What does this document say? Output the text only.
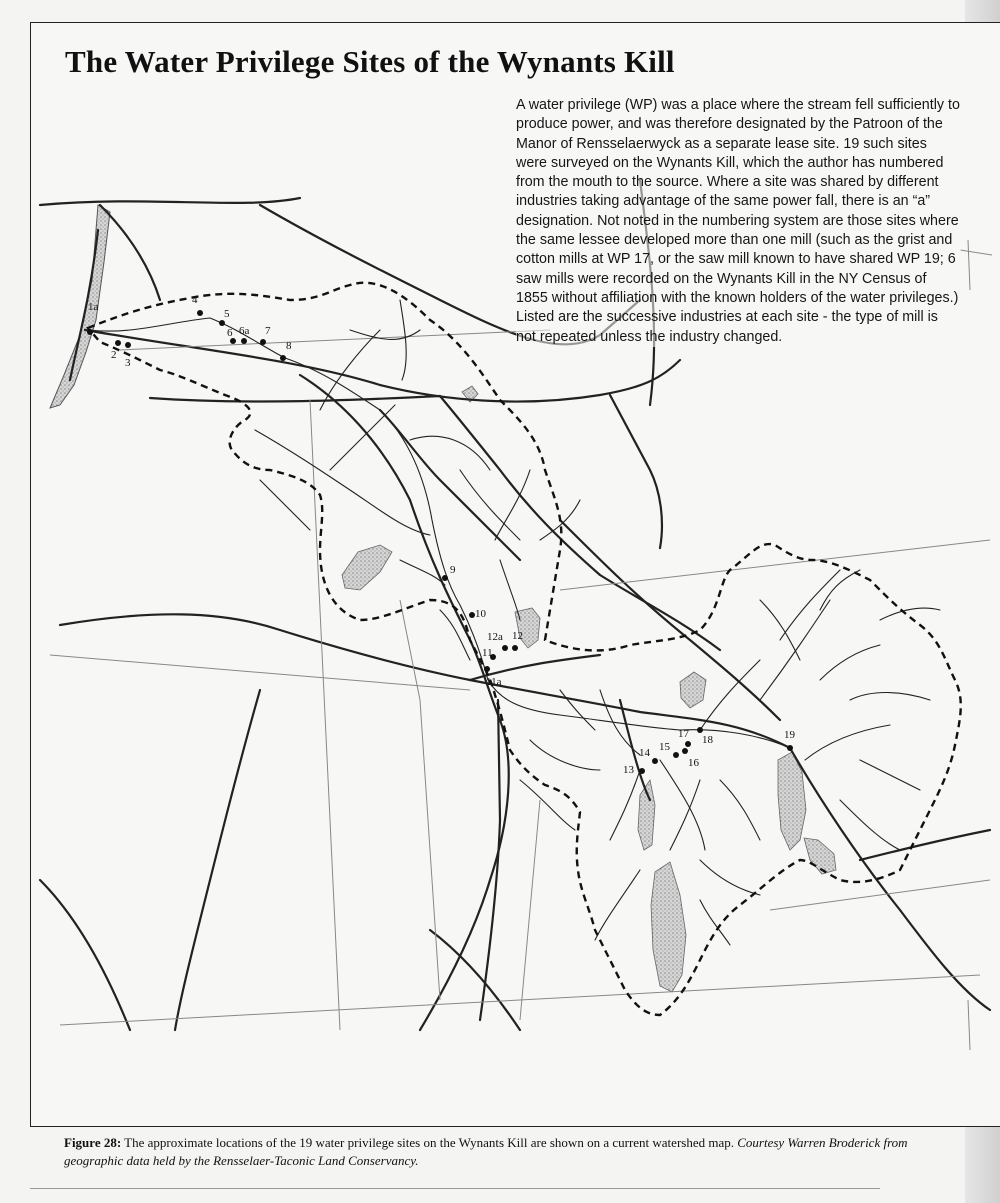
The Water Privilege Sites of the Wynants Kill
1a
2
3
4
5
6 6a 7
8
9
10
12a 12
11
11a
13
14 15
16
17 18	19
A water privilege (WP) was a place where the stream fell sufficiently to produce power, and was therefore designated by the Patroon of the Manor of Rensselaerwyck as a separate lease site. 19 such sites were surveyed on the Wynants Kill, which the author has numbered from the mouth to the source. Where a site was shared by different industries taking advantage of the same power fall, there is an “a” designation. Not noted in the numbering system are those sites where the same lessee developed more than one mill (such as the grist and cotton mills at WP 17, or the saw mill known to have shared WP 19; 6 saw mills were recorded on the Wynants Kill in the NY Census of 1855 without affiliation with the known holders of the water privileges.) Listed are the successive industries at each site - the type of mill is not repeated unless the industry changed.
Figure 28: The approximate locations of the 19 water privilege sites on the Wynants Kill are shown on a current watershed map. Courtesy Warren Broderick from geographic data held by the Rensselaer-Taconic Land Conservancy.
